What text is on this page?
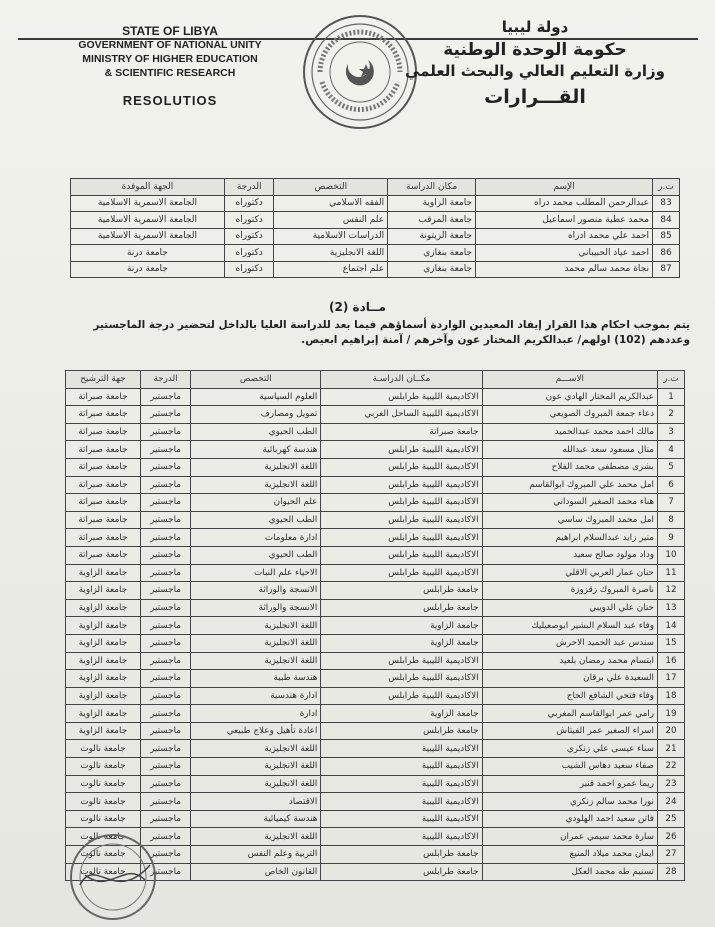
STATE OF LIBYA
GOVERNMENT OF NATIONAL UNITY
MINISTRY OF HIGHER EDUCATION
& SCIENTIFIC RESEARCH
RESOLUTIOS
دولة ليبيا
حكومة الوحدة الوطنية
وزارة التعليم العالي والبحث العلمي
القـــرارات
ت.ر	الإسم	مكان الدراسة	التخصص	الدرجة	الجهة الموفدة
83	عبدالرحمن المطلب محمد دراه	جامعة الزاوية	الفقه الاسلامي	دكتوراه	الجامعة الاسمرية الاسلامية
84	محمد عطية منصور اسماعيل	جامعة المرقب	علم النفس	دكتوراه	الجامعة الاسمرية الاسلامية
85	احمد علي محمد ادراه	جامعة الزيتونة	الدراسات الاسلامية	دكتوراه	الجامعة الاسمرية الاسلامية
86	احمد عياد الحبيباني	جامعة بنغازي	اللغة الانجليزية	دكتوراه	جامعة درنة
87	نجاة محمد سالم محمد	جامعة بنغازي	علم اجتماع	دكتوراه	جامعة درنة
مــادة (2)
يتم بموجب احكام هذا القرار إيفاد المعيدين الواردة أسماؤهم فيما بعد للدراسة العليا بالداخل لتحضير درجة الماجستير وعددهم (102) اولهم/ عبدالكريم المختار عون وآخرهم / آمنة إبراهيم ابعيص.
ت.ر	الاســـم	مكــان الدراسـة	التخصص	الدرجة	جهة الترشيح
1	عبدالكريم المختار الهادي عون	الاكاديمية الليبية طرابلس	العلوم السياسية	ماجستير	جامعة صبراتة
2	دعاء جمعة المبروك الصويعي	الاكاديمية الليبية الساحل الغربي	تمويل ومصارف	ماجستير	جامعة صبراتة
3	مالك احمد محمد عبدالحميد	جامعة صبراتة	الطب الحيوي	ماجستير	جامعة صبراتة
4	منال مسعود سعد عبدالله	الاكاديمية الليبية طرابلس	هندسة كهربائية	ماجستير	جامعة صبراتة
5	بشرى مصطفى محمد الفلاح	الاكاديمية الليبية طرابلس	اللغة الانجليزية	ماجستير	جامعة صبراتة
6	امل محمد علي المبروك ابوالقاسم	الاكاديمية الليبية طرابلس	اللغة الانجليزية	ماجستير	جامعة صبراتة
7	هناء محمد الصغير السوداني	الاكاديمية الليبية طرابلس	علم الحيوان	ماجستير	جامعة صبراتة
8	امل محمد المبروك ساسي	الاكاديمية الليبية طرابلس	الطب الحيوي	ماجستير	جامعة صبراتة
9	منير زايد عبدالسلام ابراهيم	الاكاديمية الليبية طرابلس	ادارة معلومات	ماجستير	جامعة صبراتة
10	وداد مولود صالح سعيد	الاكاديمية الليبية طرابلس	الطب الحيوي	ماجستير	جامعة صبراتة
11	حنان عمار العربي الاقلي	الاكاديمية الليبية طرابلس	الاحياء علم النبات	ماجستير	جامعة الزاوية
12	ناصرة المبروك زقزوزة	جامعة طرابلس	الانسجة والوراثة	ماجستير	جامعة الزاوية
13	حنان علي الدويبي	جامعة طرابلس	الانسجة والوراثة	ماجستير	جامعة الزاوية
14	وفاء عبد السلام البشير ابوصعيليك	جامعة الزاوية	اللغة الانجليزية	ماجستير	جامعة الزاوية
15	سندس عبد الحميد الاحرش	جامعة الزاوية	اللغة الانجليزية	ماجستير	جامعة الزاوية
16	ابتسام محمد رمضان بلعيد	الاكاديمية الليبية طرابلس	اللغة الانجليزية	ماجستير	جامعة الزاوية
17	السعيدة علي برقان	الاكاديمية الليبية طرابلس	هندسة طبية	ماجستير	جامعة الزاوية
18	وفاء فتحي الشافع الحاج	الاكاديمية الليبية طرابلس	ادارة هندسية	ماجستير	جامعة الزاوية
19	رامي عمر ابوالقاسم المغربي	جامعة الزاوية	ادارة	ماجستير	جامعة الزاوية
20	اسراء الصغير عمر الفيتاش	جامعة طرابلس	اعادة تأهيل وعلاج طبيعي	ماجستير	جامعة الزاوية
21	سناء عيسى علي زنكري	الاكاديمية الليبية	اللغة الانجليزية	ماجستير	جامعة نالوت
22	صفاء سعيد دهاس الشيب	الاكاديمية الليبية	اللغة الانجليزية	ماجستير	جامعة نالوت
23	ريما عمرو احمد قنبر	الاكاديمية الليبية	اللغة الانجليزية	ماجستير	جامعة نالوت
24	نورا محمد سالم زنكري	الاكاديمية الليبية	الاقتصاد	ماجستير	جامعة نالوت
25	فاتن سعيد احمد الهلودي	الاكاديمية الليبية	هندسة كيميائية	ماجستير	جامعة نالوت
26	سارة محمد سيمي عمران	الاكاديمية الليبية	اللغة الانجليزية	ماجستير	جامعة نالوت
27	ايمان محمد ميلاد المنيع	جامعة طرابلس	التربية وعلم النفس	ماجستير	جامعة نالوت
28	تسنيم طه محمد العكل	جامعة طرابلس	القانون الخاص	ماجستير	جامعة نالوت
